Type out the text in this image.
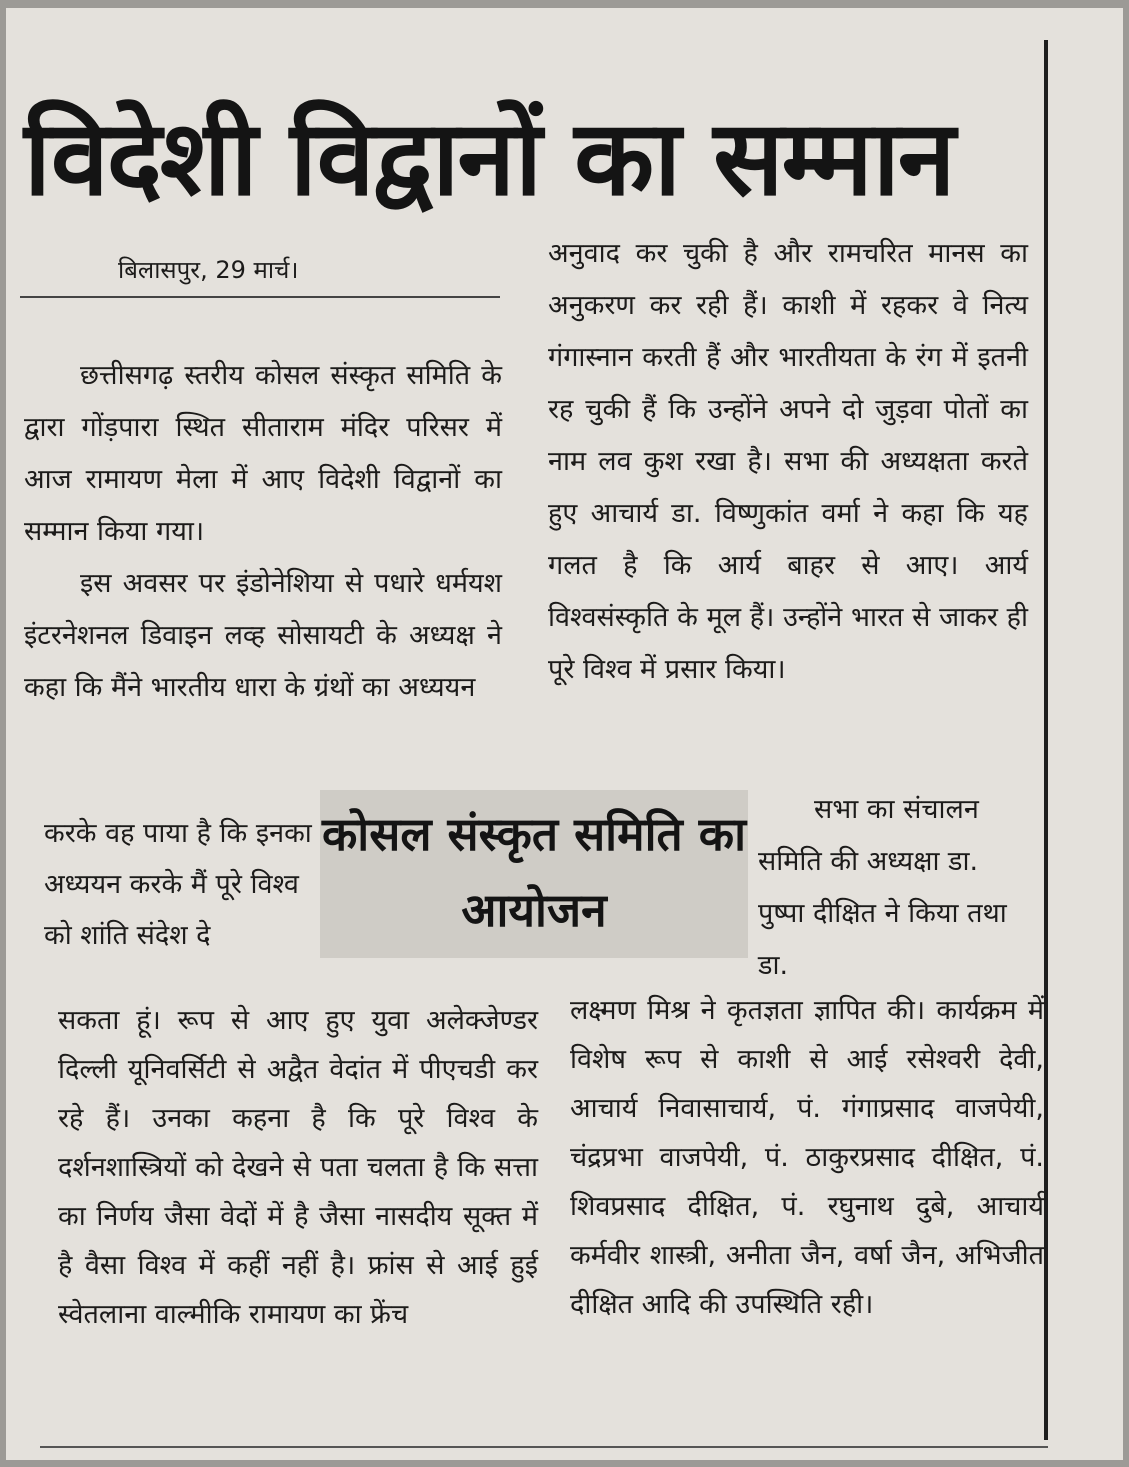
विदेशी विद्वानों का सम्मान
बिलासपुर, 29 मार्च।

छत्तीसगढ़ स्तरीय कोसल संस्कृत समिति के द्वारा गोंड़पारा स्थित सीताराम मंदिर परिसर में आज रामायण मेला में आए विदेशी विद्वानों का सम्मान किया गया।

इस अवसर पर इंडोनेशिया से पधारे धर्मयश इंटरनेशनल डिवाइन लव्ह सोसायटी के अध्यक्ष ने कहा कि मैंने भारतीय धारा के ग्रंथों का अध्ययन

करके वह पाया है कि इनका अध्ययन करके मैं पूरे विश्व को शांति संदेश दे

कोसल संस्कृत समिति का आयोजन

सकता हूं। रूप से आए हुए युवा अलेक्जेण्डर दिल्ली यूनिवर्सिटी से अद्वैत वेदांत में पीएचडी कर रहे हैं। उनका कहना है कि पूरे विश्व के दर्शनशास्त्रियों को देखने से पता चलता है कि सत्ता का निर्णय जैसा वेदों में है जैसा नासदीय सूक्त में है वैसा विश्व में कहीं नहीं है। फ्रांस से आई हुई स्वेतलाना वाल्मीकि रामायण का फ्रेंच

अनुवाद कर चुकी है और रामचरित मानस का अनुकरण कर रही हैं। काशी में रहकर वे नित्य गंगास्नान करती हैं और भारतीयता के रंग में इतनी रह चुकी हैं कि उन्होंने अपने दो जुड़वा पोतों का नाम लव कुश रखा है। सभा की अध्यक्षता करते हुए आचार्य डा. विष्णुकांत वर्मा ने कहा कि यह गलत है कि आर्य बाहर से आए। आर्य विश्वसंस्कृति के मूल हैं। उन्होंने भारत से जाकर ही पूरे विश्व में प्रसार किया।

सभा का संचालन समिति की अध्यक्षा डा. पुष्पा दीक्षित ने किया तथा डा.

लक्ष्मण मिश्र ने कृतज्ञता ज्ञापित की। कार्यक्रम में विशेष रूप से काशी से आई रसेश्वरी देवी, आचार्य निवासाचार्य, पं. गंगाप्रसाद वाजपेयी, चंद्रप्रभा वाजपेयी, पं. ठाकुरप्रसाद दीक्षित, पं. शिवप्रसाद दीक्षित, पं. रघुनाथ दुबे, आचार्य कर्मवीर शास्त्री, अनीता जैन, वर्षा जैन, अभिजीत दीक्षित आदि की उपस्थिति रही।
